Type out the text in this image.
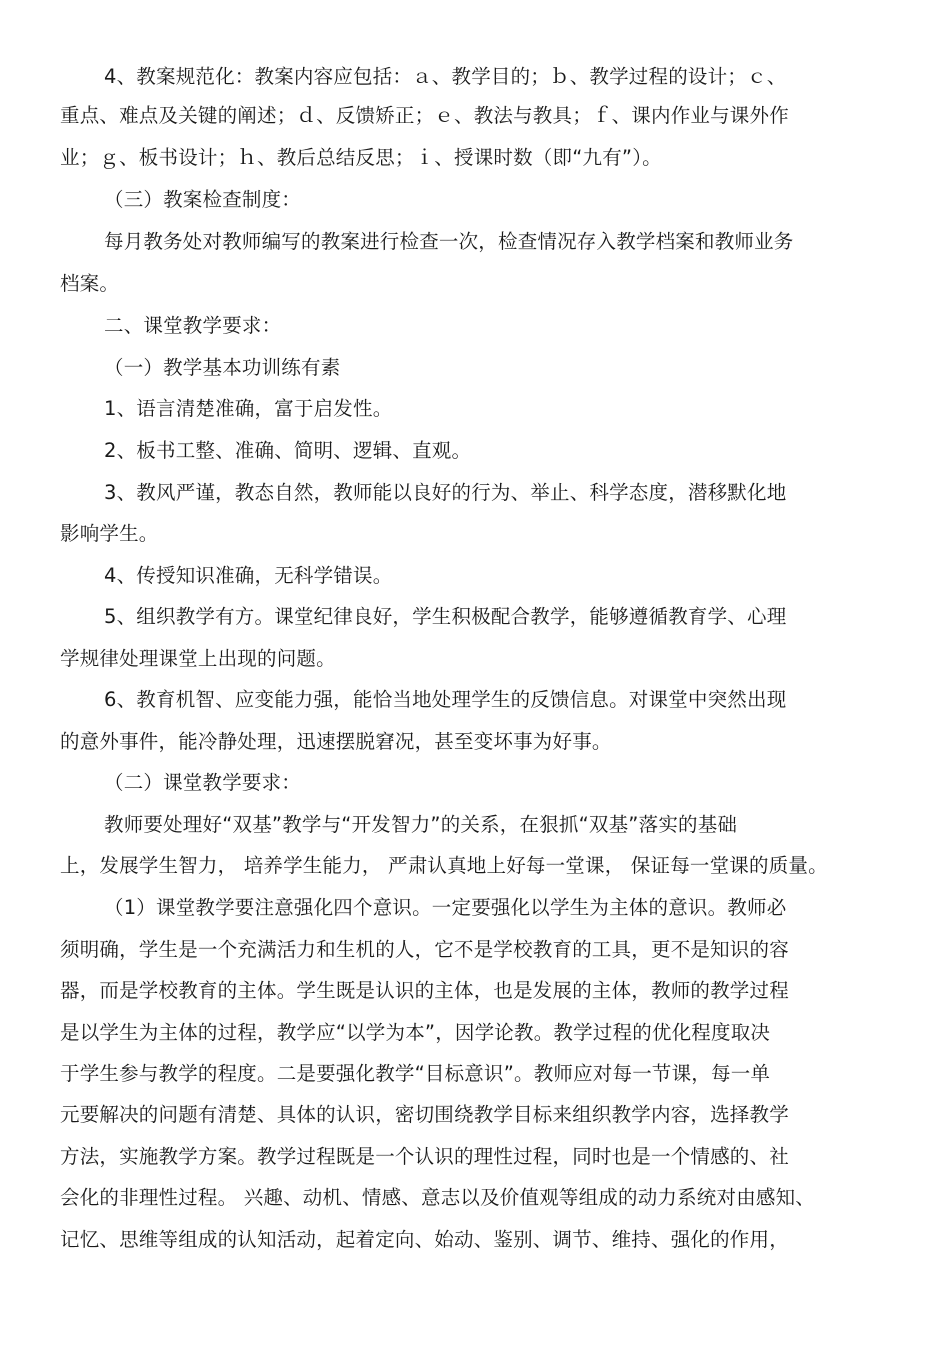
4、教案规范化：教案内容应包括：ａ、教学目的；ｂ、教学过程的设计；ｃ、
重点、难点及关键的阐述；ｄ、反馈矫正；ｅ、教法与教具；ｆ、课内作业与课外作
业；ｇ、板书设计；ｈ、教后总结反思；ｉ、授课时数（即“九有”）。
（三）教案检查制度：
每月教务处对教师编写的教案进行检查一次，检查情况存入教学档案和教师业务
档案。
二、课堂教学要求：
（一）教学基本功训练有素
1、语言清楚准确，富于启发性。
2、板书工整、准确、简明、逻辑、直观。
3、教风严谨，教态自然，教师能以良好的行为、举止、科学态度，潜移默化地
影响学生。
4、传授知识准确，无科学错误。
5、组织教学有方。课堂纪律良好，学生积极配合教学，能够遵循教育学、心理
学规律处理课堂上出现的问题。
6、教育机智、应变能力强，能恰当地处理学生的反馈信息。对课堂中突然出现
的意外事件，能冷静处理，迅速摆脱窘况，甚至变坏事为好事。
（二）课堂教学要求：
教师要处理好“双基”教学与“开发智力”的关系，在狠抓“双基”落实的基础
上，发展学生智力， 培养学生能力， 严肃认真地上好每一堂课， 保证每一堂课的质量。
（1）课堂教学要注意强化四个意识。一定要强化以学生为主体的意识。教师必
须明确，学生是一个充满活力和生机的人，它不是学校教育的工具，更不是知识的容
器，而是学校教育的主体。学生既是认识的主体，也是发展的主体，教师的教学过程
是以学生为主体的过程，教学应“以学为本”，因学论教。教学过程的优化程度取决
于学生参与教学的程度。二是要强化教学“目标意识”。教师应对每一节课，每一单
元要解决的问题有清楚、具体的认识，密切围绕教学目标来组织教学内容，选择教学
方法，实施教学方案。教学过程既是一个认识的理性过程，同时也是一个情感的、社
会化的非理性过程。 兴趣、动机、情感、意志以及价值观等组成的动力系统对由感知、
记忆、思维等组成的认知活动，起着定向、始动、鉴别、调节、维持、强化的作用，
